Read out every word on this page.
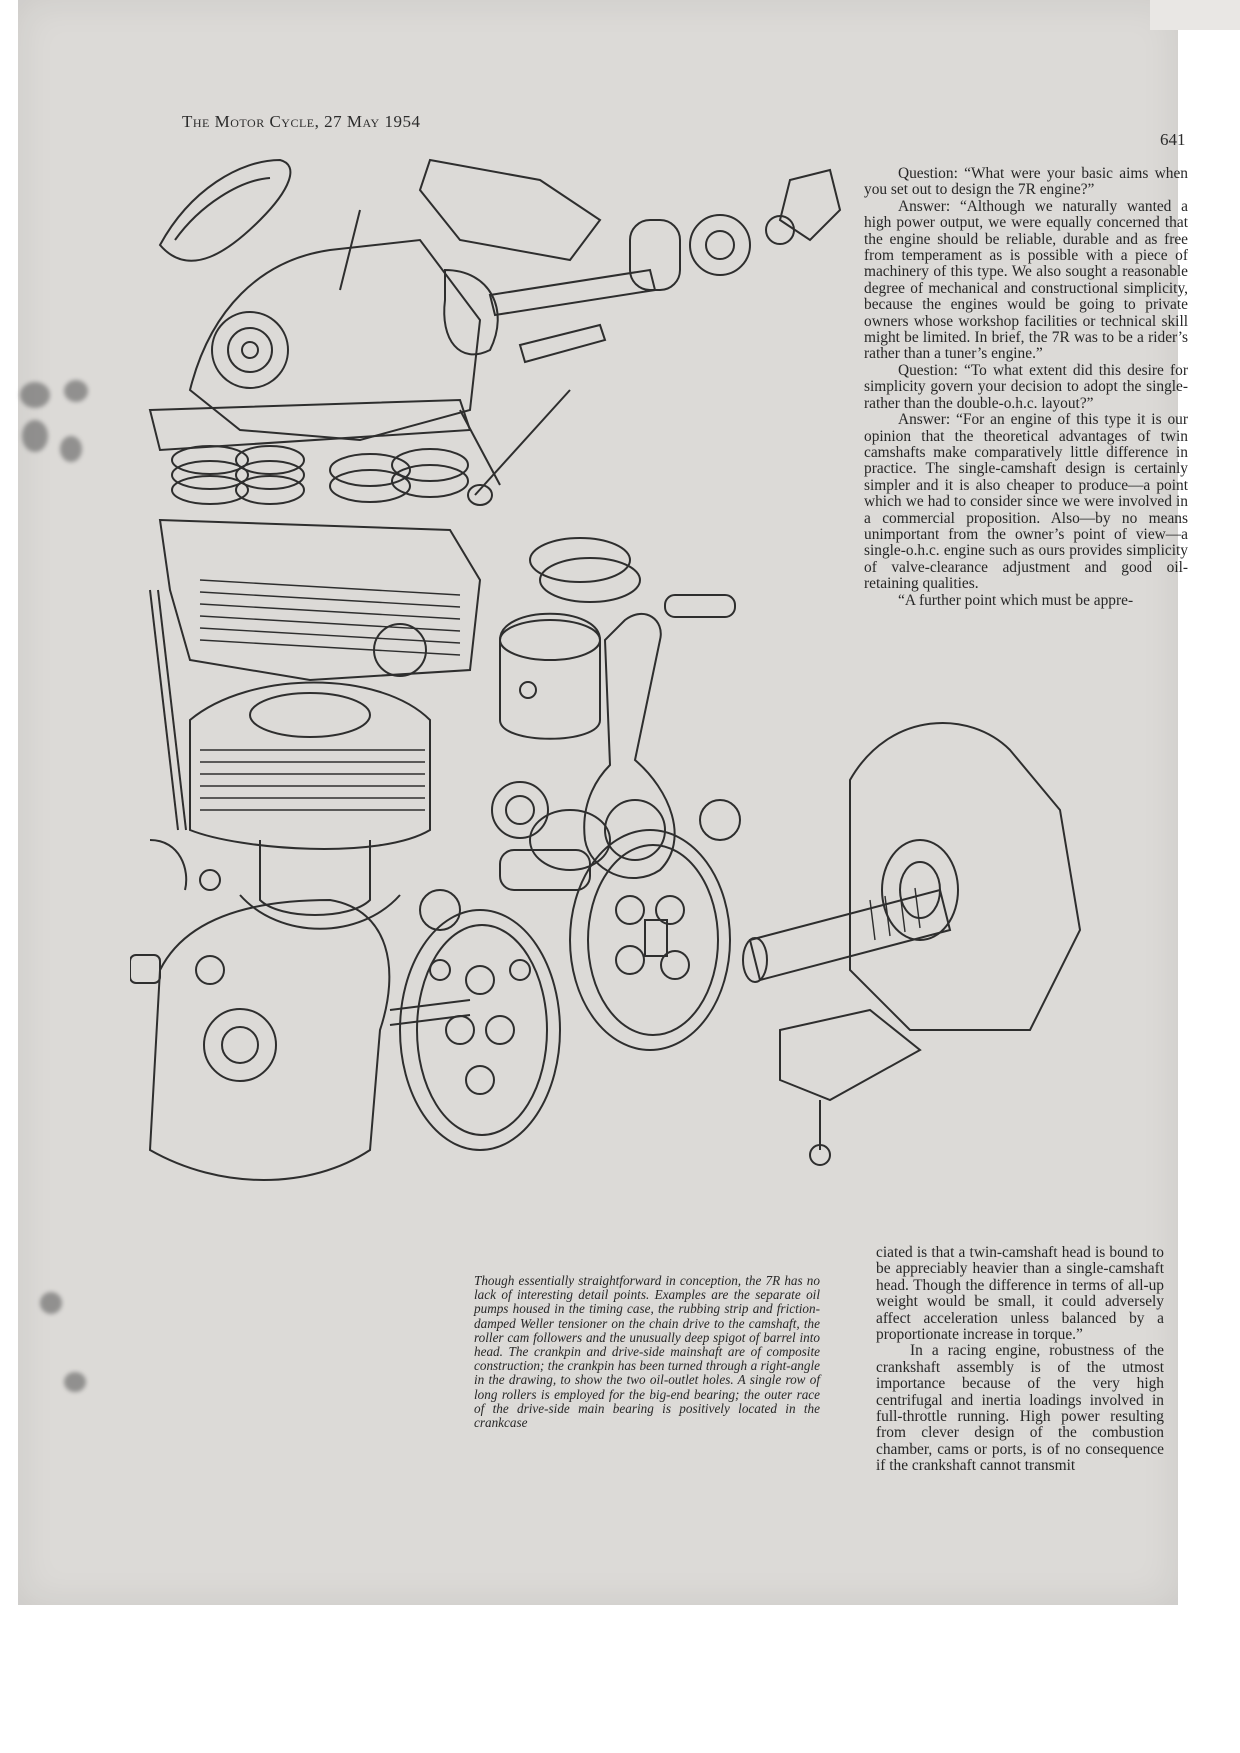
The Motor Cycle, 27 May 1954
641

Question: “What were your basic aims when you set out to design the 7R engine?”

Answer: “Although we naturally wanted a high power output, we were equally concerned that the engine should be reliable, durable and as free from temperament as is possible with a piece of machinery of this type. We also sought a reasonable degree of mechanical and constructional simplicity, because the engines would be going to private owners whose workshop facilities or technical skill might be limited. In brief, the 7R was to be a rider’s rather than a tuner’s engine.”

Question: “To what extent did this desire for simplicity govern your decision to adopt the single- rather than the double-o.h.c. layout?”

Answer: “For an engine of this type it is our opinion that the theoretical advantages of twin camshafts make comparatively little difference in practice. The single-camshaft design is certainly simpler and it is also cheaper to produce—a point which we had to consider since we were involved in a commercial proposition. Also—by no means unimportant from the owner’s point of view—a single-o.h.c. engine such as ours provides simplicity of valve-clearance adjustment and good oil-retaining qualities.

“A further point which must be appre-

Though essentially straightforward in conception, the 7R has no lack of interesting detail points. Examples are the separate oil pumps housed in the timing case, the rubbing strip and friction-damped Weller tensioner on the chain drive to the camshaft, the roller cam followers and the unusually deep spigot of barrel into head. The crankpin and drive-side mainshaft are of composite construction; the crankpin has been turned through a right-angle in the drawing, to show the two oil-outlet holes. A single row of long rollers is employed for the big-end bearing; the outer race of the drive-side main bearing is positively located in the crankcase

ciated is that a twin-camshaft head is bound to be appreciably heavier than a single-camshaft head. Though the difference in terms of all-up weight would be small, it could adversely affect acceleration unless balanced by a proportionate increase in torque.”

In a racing engine, robustness of the crankshaft assembly is of the utmost importance because of the very high centrifugal and inertia loadings involved in full-throttle running. High power resulting from clever design of the combustion chamber, cams or ports, is of no consequence if the crankshaft cannot transmit
